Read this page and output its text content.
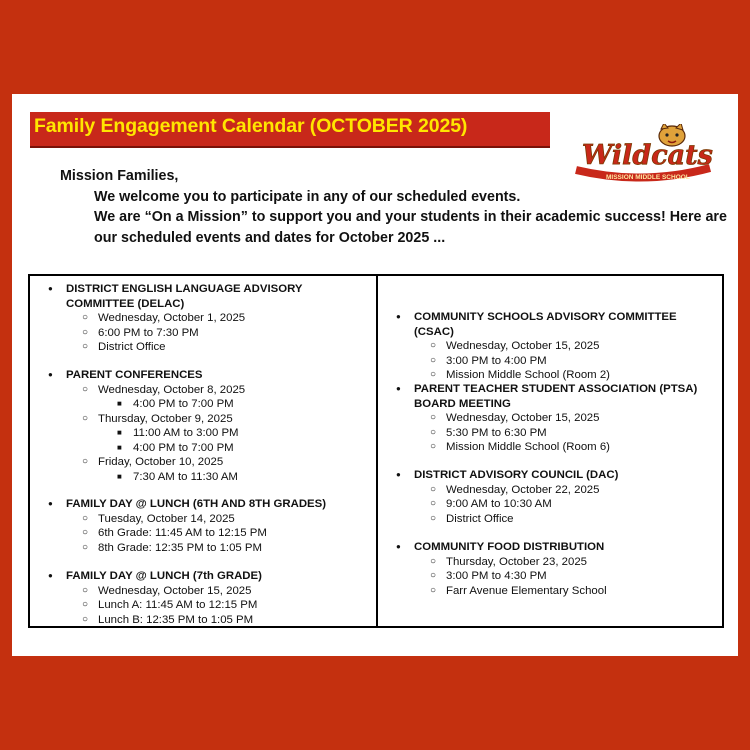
Family Engagement Calendar (OCTOBER 2025)
Wildcats
MISSION MIDDLE SCHOOL

Mission Families,

We welcome you to participate in any of our scheduled events.

We are “On a Mission” to support you and your students in their academic success! Here are our scheduled events and dates for October 2025 ...

● DISTRICT ENGLISH LANGUAGE ADVISORY COMMITTEE (DELAC)
○ Wednesday, October 1, 2025
○ 6:00 PM to 7:30 PM
○ District Office
● PARENT CONFERENCES
○ Wednesday, October 8, 2025
■ 4:00 PM to 7:00 PM
○ Thursday, October 9, 2025
■ 11:00 AM to 3:00 PM
■ 4:00 PM to 7:00 PM
○ Friday, October 10, 2025
■ 7:30 AM to 11:30 AM
● FAMILY DAY @ LUNCH (6TH AND 8TH GRADES)
○ Tuesday, October 14, 2025
○ 6th Grade: 11:45 AM to 12:15 PM
○ 8th Grade: 12:35 PM to 1:05 PM
● FAMILY DAY @ LUNCH (7th GRADE)
○ Wednesday, October 15, 2025
○ Lunch A: 11:45 AM to 12:15 PM
○ Lunch B: 12:35 PM to 1:05 PM
● COMMUNITY SCHOOLS ADVISORY COMMITTEE (CSAC)
○ Wednesday, October 15, 2025
○ 3:00 PM to 4:00 PM
○ Mission Middle School (Room 2)
● PARENT TEACHER STUDENT ASSOCIATION (PTSA) BOARD MEETING
○ Wednesday, October 15, 2025
○ 5:30 PM to 6:30 PM
○ Mission Middle School (Room 6)
● DISTRICT ADVISORY COUNCIL (DAC)
○ Wednesday, October 22, 2025
○ 9:00 AM to 10:30 AM
○ District Office
● COMMUNITY FOOD DISTRIBUTION
○ Thursday, October 23, 2025
○ 3:00 PM to 4:30 PM
○ Farr Avenue Elementary School
